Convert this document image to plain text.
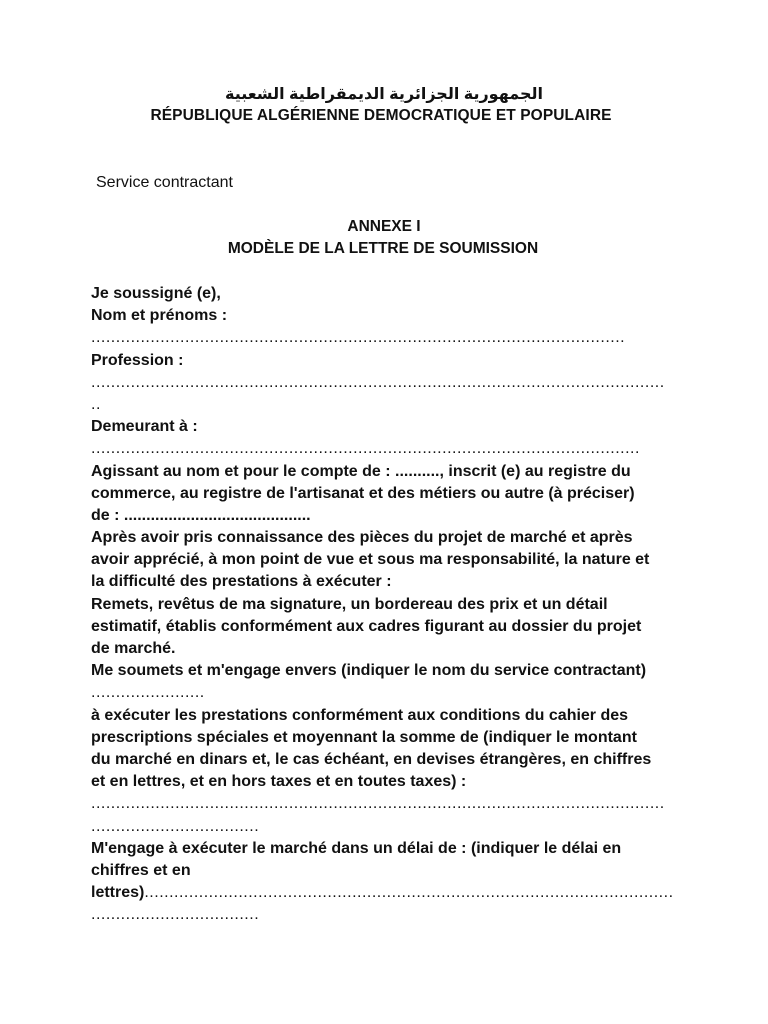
الجمهورية الجزائرية الديمقراطية الشعبية
RÉPUBLIQUE ALGÉRIENNE DEMOCRATIQUE ET POPULAIRE
Service contractant
ANNEXE I
MODÈLE DE LA LETTRE DE SOUMISSION
Je soussigné (e),
Nom et prénoms :
............................................................................................................
Profession :
....................................................................................................................
..
Demeurant à :
...............................................................................................................
Agissant au nom et pour le compte de : .........., inscrit (e) au registre du
commerce, au registre de l'artisanat et des métiers ou autre (à préciser)
de : ..........................................
Après avoir pris connaissance des pièces du projet de marché et après
avoir apprécié, à mon point de vue et sous ma responsabilité, la nature et
la difficulté des prestations à exécuter :
Remets, revêtus de ma signature, un bordereau des prix et un détail
estimatif, établis conformément aux cadres figurant au dossier du projet
de marché.
Me soumets et m'engage envers (indiquer le nom du service contractant)
.......................
à exécuter les prestations conformément aux conditions du cahier des
prescriptions spéciales et moyennant la somme de (indiquer le montant
du marché en dinars et, le cas échéant, en devises étrangères, en chiffres
et en lettres, et en hors taxes et en toutes taxes) :
....................................................................................................................
..................................
M'engage à exécuter le marché dans un délai de : (indiquer le délai en
chiffres et en
lettres)...........................................................................................................
..................................
